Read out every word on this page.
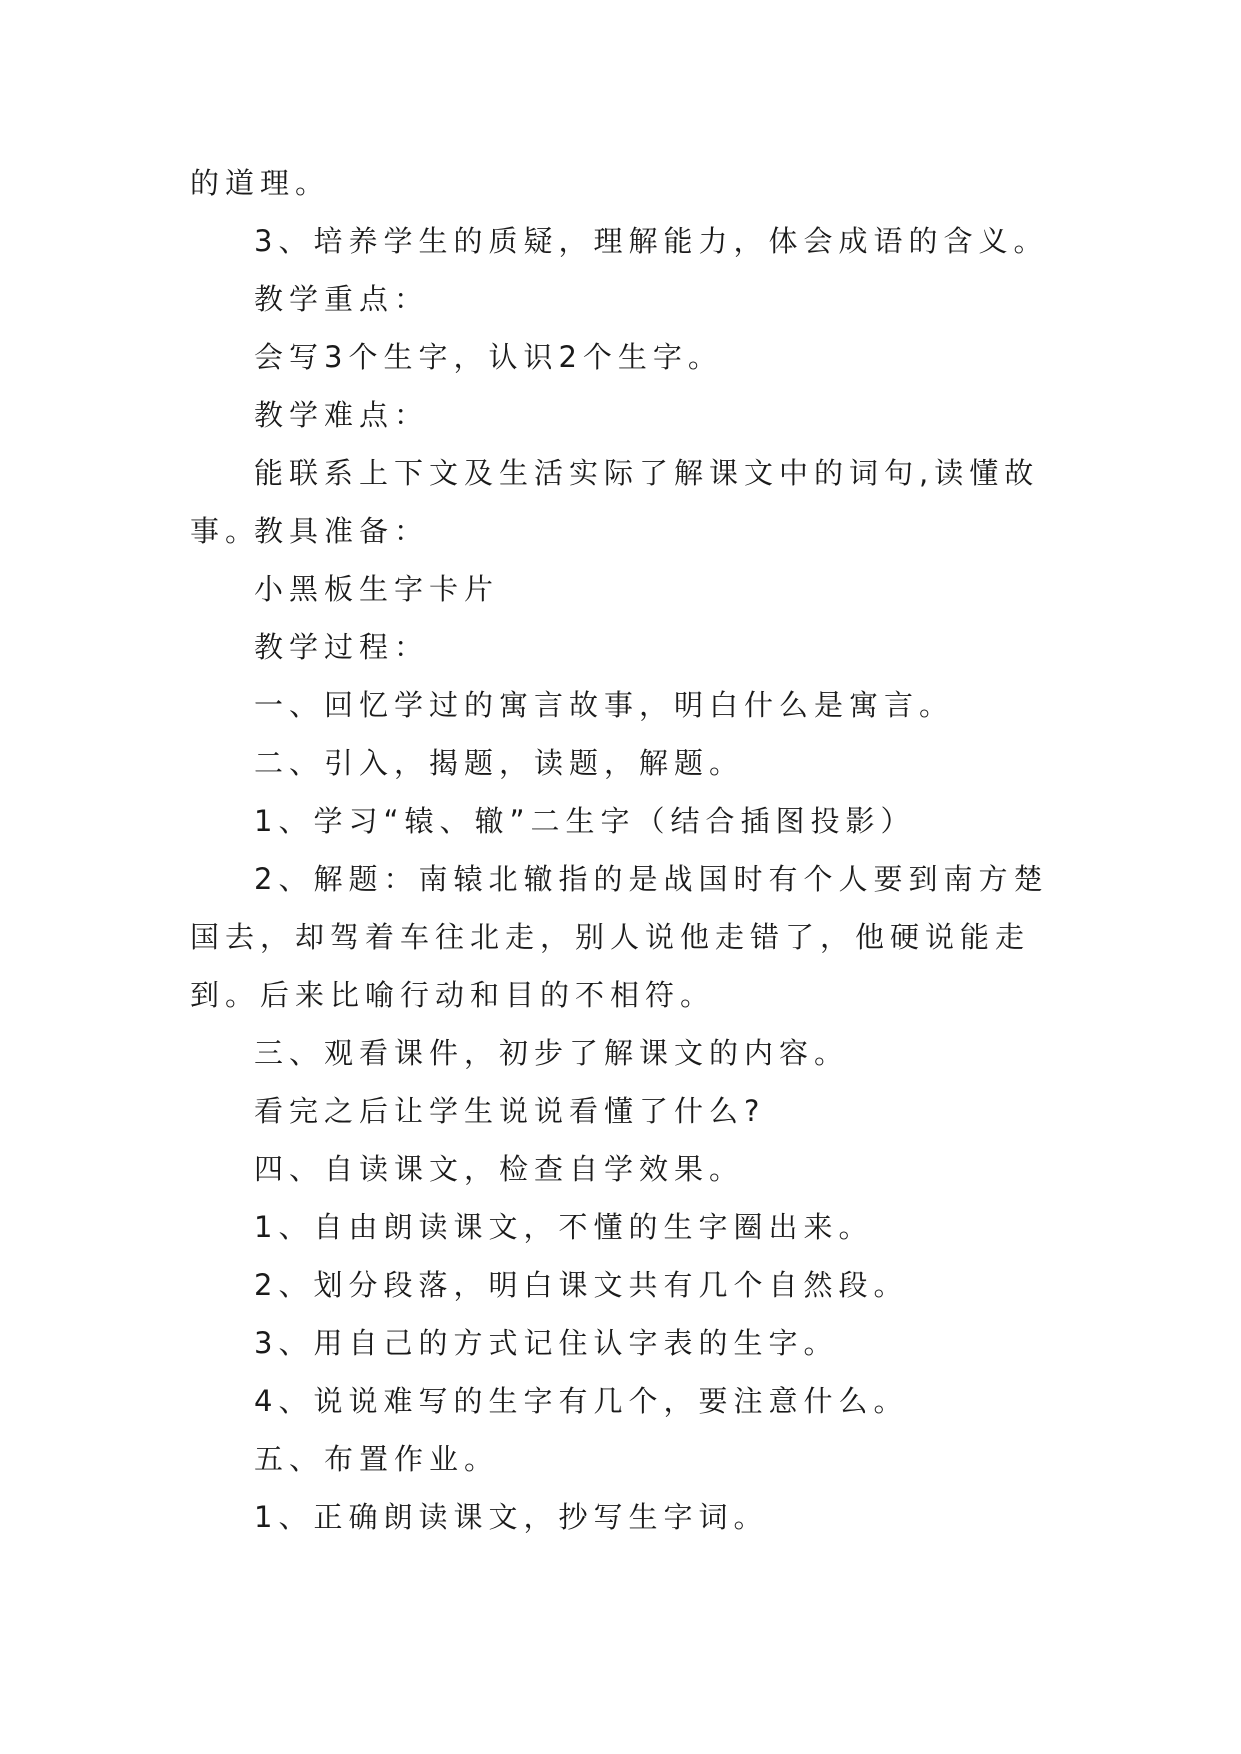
的道理。

3、培养学生的质疑，理解能力，体会成语的含义。

教学重点：

会写3个生字，认识2个生字。

教学难点：

能联系上下文及生活实际了解课文中的词句,读懂故事。

教具准备：

小黑板生字卡片

教学过程：

一、回忆学过的寓言故事，明白什么是寓言。

二、引入，揭题，读题，解题。

1、学习“辕、辙”二生字（结合插图投影）

2、解题：南辕北辙指的是战国时有个人要到南方楚国去，却驾着车往北走，别人说他走错了，他硬说能走到。后来比喻行动和目的不相符。

三、观看课件，初步了解课文的内容。

看完之后让学生说说看懂了什么?

四、自读课文，检查自学效果。

1、自由朗读课文，不懂的生字圈出来。

2、划分段落，明白课文共有几个自然段。

3、用自己的方式记住认字表的生字。

4、说说难写的生字有几个，要注意什么。

五、布置作业。

1、正确朗读课文，抄写生字词。
